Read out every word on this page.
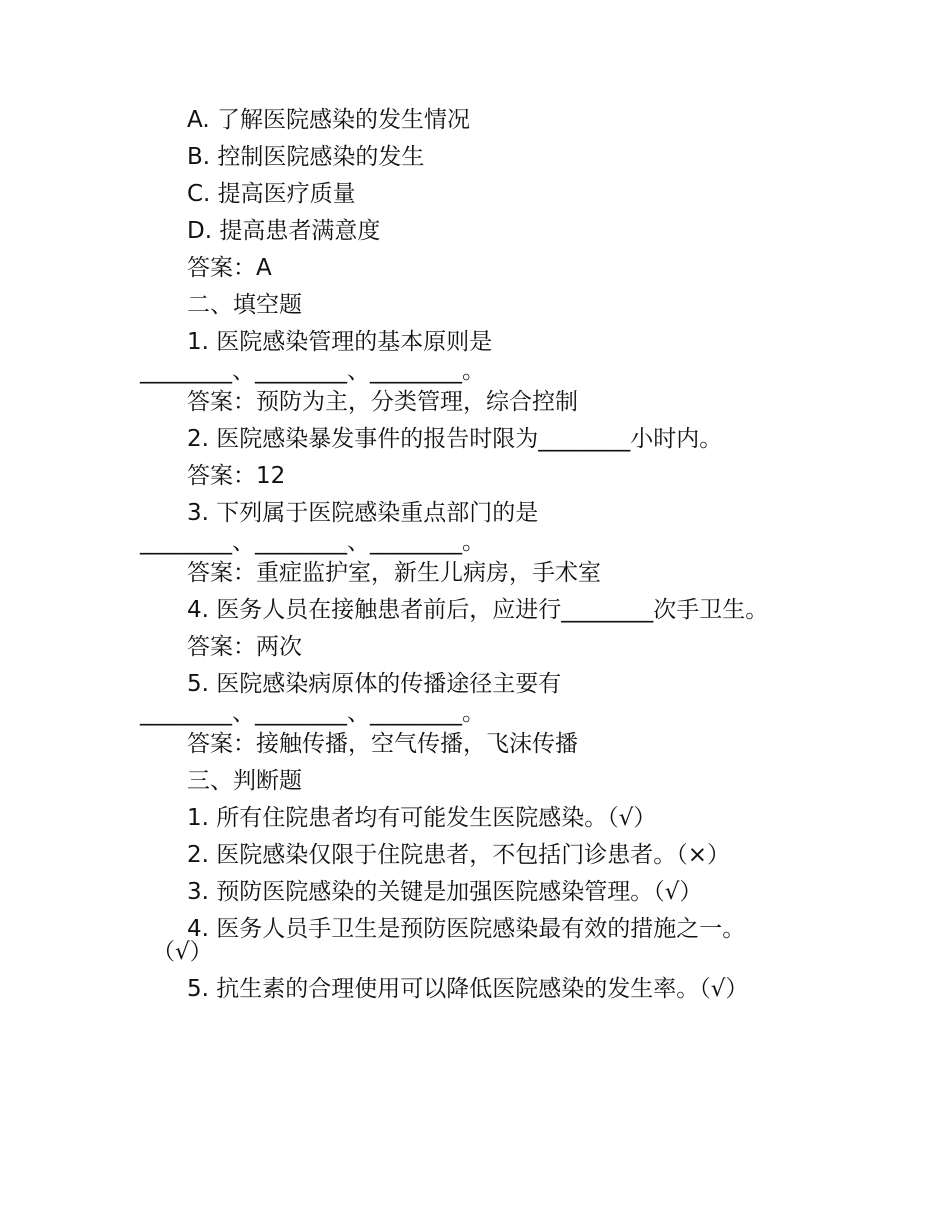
A. 了解医院感染的发生情况
B. 控制医院感染的发生
C. 提高医疗质量
D. 提高患者满意度
答案：A
二、填空题
1. 医院感染管理的基本原则是
________、________、________。
答案：预防为主，分类管理，综合控制
2. 医院感染暴发事件的报告时限为________小时内。
答案：12
3. 下列属于医院感染重点部门的是
________、________、________。
答案：重症监护室，新生儿病房，手术室
4. 医务人员在接触患者前后，应进行________次手卫生。
答案：两次
5. 医院感染病原体的传播途径主要有
________、________、________。
答案：接触传播，空气传播，飞沫传播
三、判断题
1. 所有住院患者均有可能发生医院感染。（√）
2. 医院感染仅限于住院患者，不包括门诊患者。（×）
3. 预防医院感染的关键是加强医院感染管理。（√）
4. 医务人员手卫生是预防医院感染最有效的措施之一。
（√）
5. 抗生素的合理使用可以降低医院感染的发生率。（√）
